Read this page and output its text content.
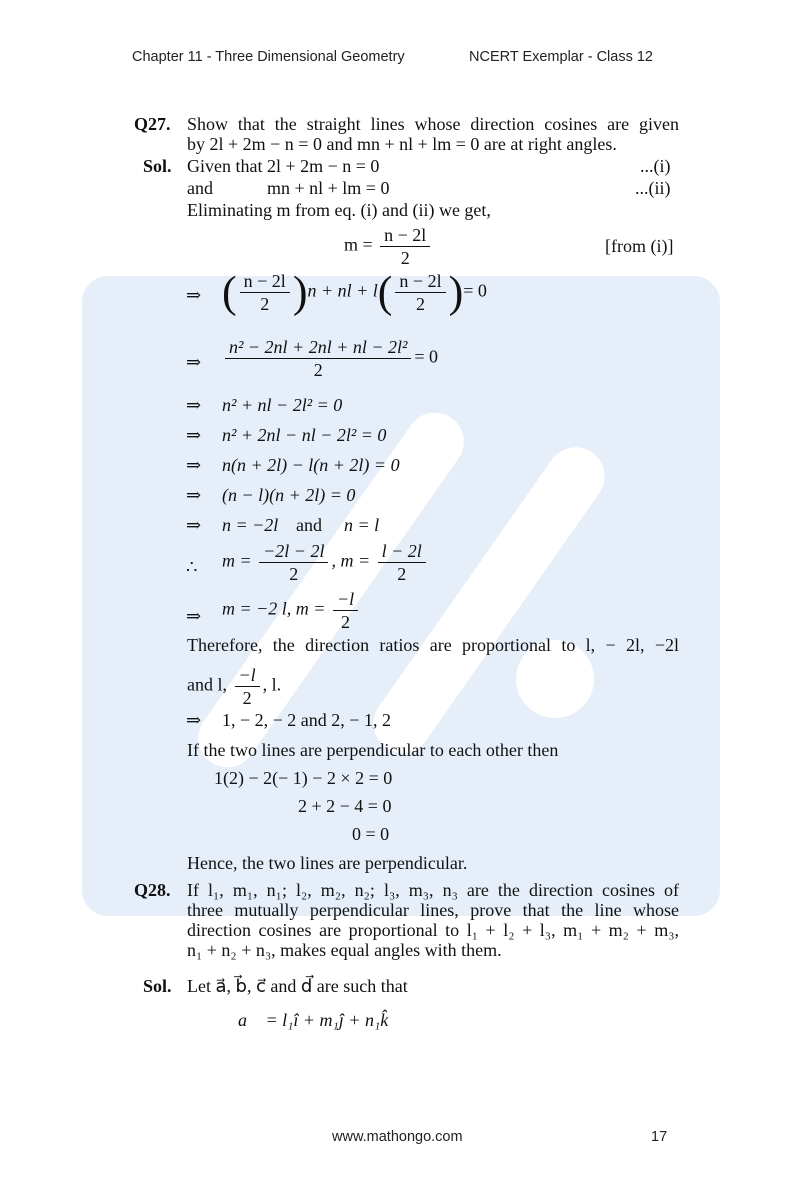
Chapter 11 - Three Dimensional Geometry	NCERT Exemplar - Class 12
www.mathongo.com	17
Q27. Show that the straight lines whose direction cosines are given
by 2l + 2m − n = 0 and mn + nl + lm = 0 are at right angles.
Sol. Given that 2l + 2m − n = 0	...(i)
and	mn + nl + lm = 0	...(ii)
Eliminating m from eq. (i) and (ii) we get,
$m = \frac{n - 2l}{2}$	[from (i)]
⇒ ( $\frac{n - 2l}{2} )n$ + nl + $l( \frac{n - 2l}{2}$ )= 0
⇒ $\frac{\text{n² − 2nl + 2nl + nl − 2l²}}{2} = 0$
⇒ n² + nl − 2l² = 0
⇒ n² + 2nl − nl − 2l² = 0
⇒ n(n + 2l) − l(n + 2l) = 0
⇒ (n − l)(n + 2l) = 0
⇒ n = −2l and n = l
∴ $m = \frac{-2l - 2l}{2}$ , $m = \frac{l - 2l}{2}$
⇒ m = −2 l, $m = \frac{-l}{2}$
Therefore, the direction ratios are proportional to l, − 2l, −2l
and l, $\frac{-l}{2}$ , l.
⇒ 1, − 2, − 2 and 2, − 1, 2
If the two lines are perpendicular to each other then
1(2) − 2(− 1) − 2 × 2 = 0
2 + 2 − 4 = 0
0 = 0
Hence, the two lines are perpendicular.
Q28. If l₁, m₁, n₁; l₂, m₂, n₂; l₃, m₃, n₃ are the direction cosines of
three mutually perpendicular lines, prove that the line whose
direction cosines are proportional to l₁ + l₂ + l₃, m₁ + m₂ + m₃,
n₁ + n₂ + n₃, makes equal angles with them.
Sol. Let a⃗, b⃗, c⃗ and d⃗ are such that
a⃗ = l₁î + m₁ĵ + n₁k̂
